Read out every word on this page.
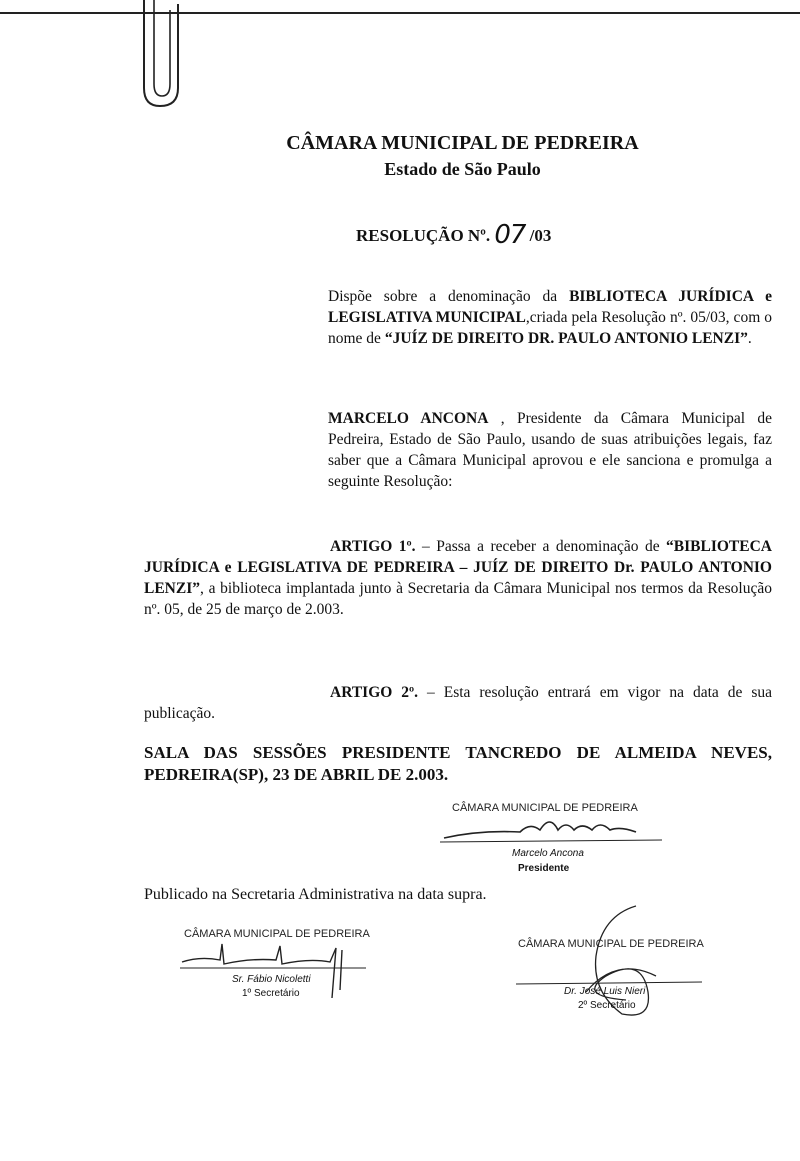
CÂMARA MUNICIPAL DE PEDREIRA
Estado de São Paulo
RESOLUÇÃO Nº. 07 /03
Dispõe sobre a denominação da BIBLIOTECA JURÍDICA e LEGISLATIVA MUNICIPAL,criada pela Resolução nº. 05/03, com o nome de “JUÍZ DE DIREITO DR. PAULO ANTONIO LENZI”.
MARCELO ANCONA , Presidente da Câmara Municipal de Pedreira, Estado de São Paulo, usando de suas atribuições legais, faz saber que a Câmara Municipal aprovou e ele sanciona e promulga a seguinte Resolução:
ARTIGO 1º. – Passa a receber a denominação de “BIBLIOTECA JURÍDICA e LEGISLATIVA DE PEDREIRA – JUÍZ DE DIREITO Dr. PAULO ANTONIO LENZI”, a biblioteca implantada junto à Secretaria da Câmara Municipal nos termos da Resolução nº. 05, de 25 de março de 2.003.
ARTIGO 2º. – Esta resolução entrará em vigor na data de sua publicação.
SALA DAS SESSÕES PRESIDENTE TANCREDO DE ALMEIDA NEVES, PEDREIRA(SP), 23 DE ABRIL DE 2.003.
CÂMARA MUNICIPAL DE PEDREIRA
Marcelo Ancona
Presidente
Publicado na Secretaria Administrativa na data supra.
CÂMARA MUNICIPAL DE PEDREIRA
Sr. Fábio Nicoletti
1º Secretário
CÂMARA MUNICIPAL DE PEDREIRA
Dr. José Luis Nieri
2º Secretário
